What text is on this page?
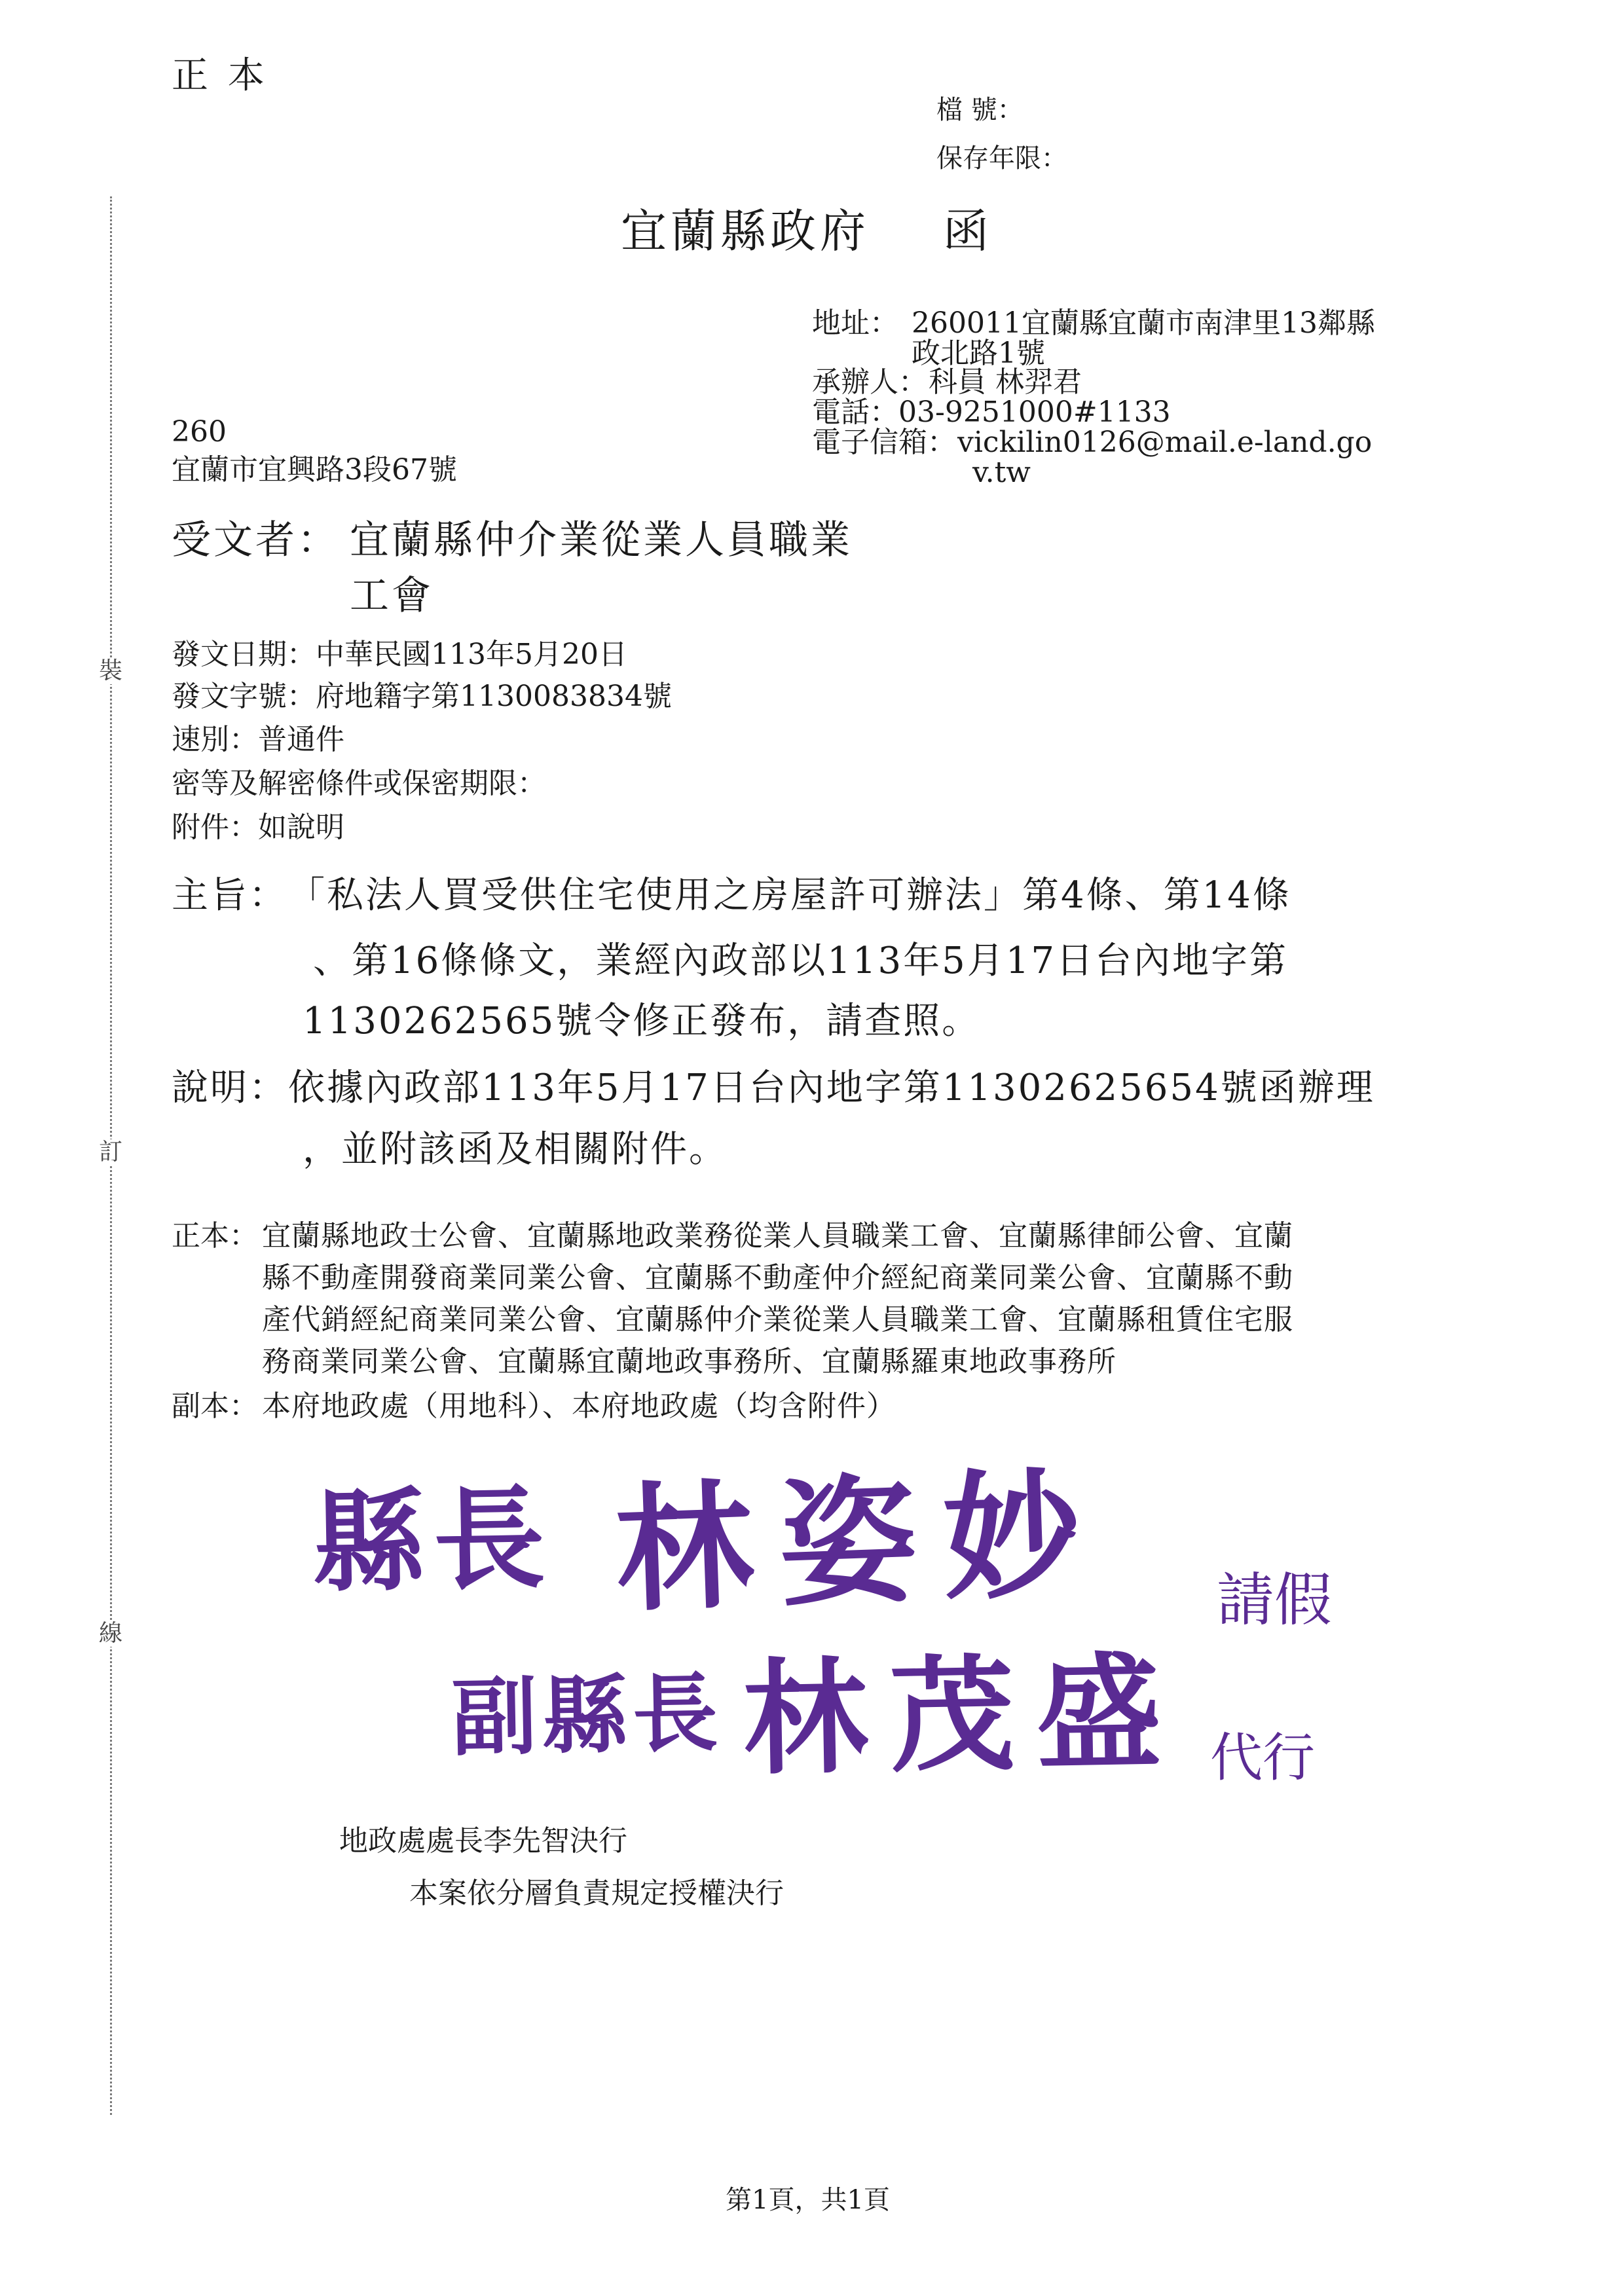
裝
訂
線
正 本
檔 號：
保存年限：
宜蘭縣政府 函
地址： 260011宜蘭縣宜蘭市南津里13鄰縣
政北路1號
承辦人： 科員 林羿君
電話： 03-9251000#1133
電子信箱： vickilin0126@mail.e-land.go
v.tw
260
宜蘭市宜興路3段67號
受文者： 宜蘭縣仲介業從業人員職業
工會
發文日期： 中華民國113年5月20日
發文字號： 府地籍字第1130083834號
速別： 普通件
密等及解密條件或保密期限：
附件： 如說明
主旨： 「私法人買受供住宅使用之房屋許可辦法」第4條、第14條
、第16條條文，業經內政部以113年5月17日台內地字第
1130262565號令修正發布，請查照。
說明： 依據內政部113年5月17日台內地字第11302625654號函辦理
，並附該函及相關附件。
正本： 宜蘭縣地政士公會、宜蘭縣地政業務從業人員職業工會、宜蘭縣律師公會、宜蘭
縣不動產開發商業同業公會、宜蘭縣不動產仲介經紀商業同業公會、宜蘭縣不動
產代銷經紀商業同業公會、宜蘭縣仲介業從業人員職業工會、宜蘭縣租賃住宅服
務商業同業公會、宜蘭縣宜蘭地政事務所、宜蘭縣羅東地政事務所
副本： 本府地政處（用地科）、本府地政處（均含附件）
縣長 林姿妙 請假
副縣長 林茂盛 代行
地政處處長李先智決行
本案依分層負責規定授權決行
第1頁，共1頁
